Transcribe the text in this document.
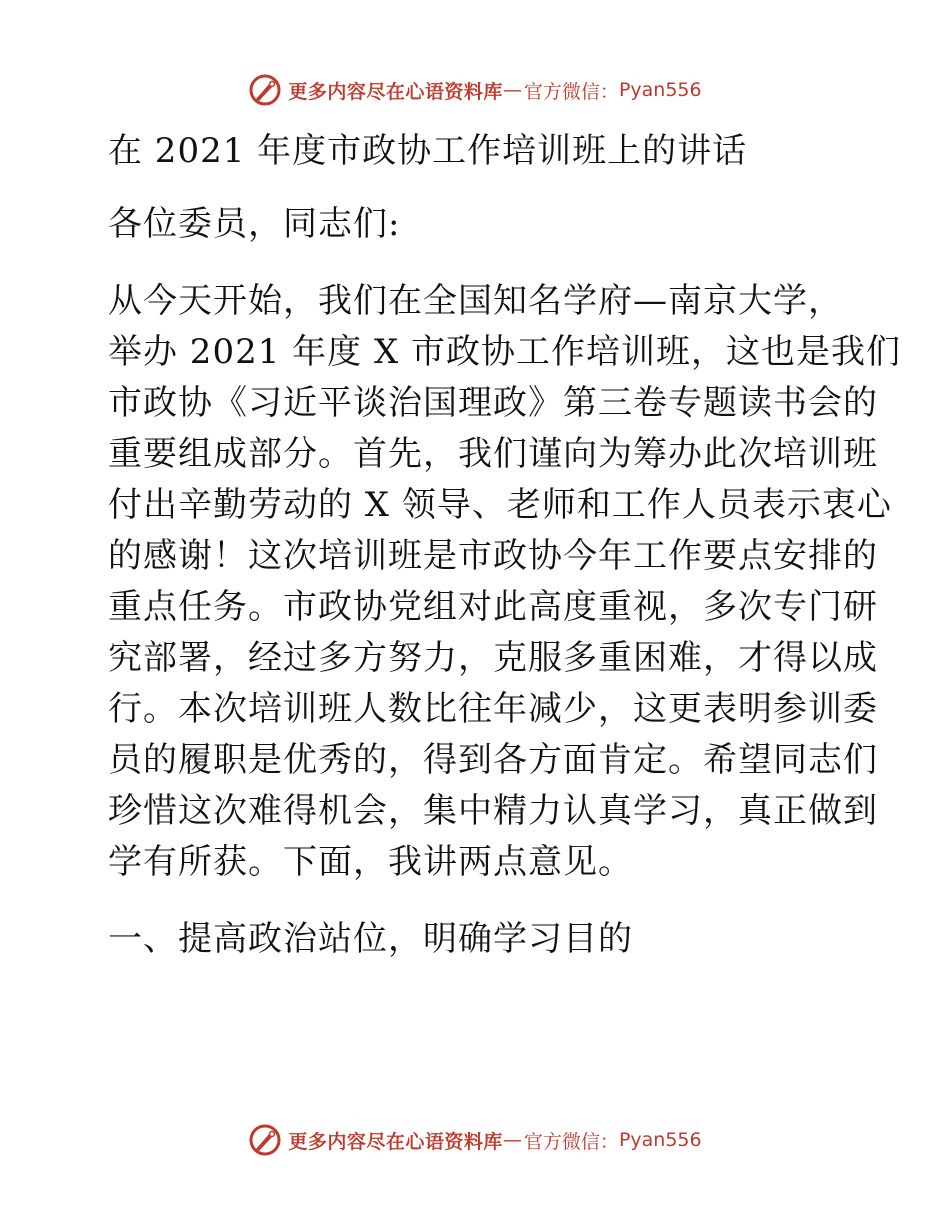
更多内容尽在心语资料库 — 官方微信： Pyan556
在 2021 年度市政协工作培训班上的讲话
各位委员，同志们:
从今天开始，我们在全国知名学府—南京大学，
举办 2021 年度 X 市政协工作培训班，这也是我们
市政协《习近平谈治国理政》第三卷专题读书会的
重要组成部分。首先，我们谨向为筹办此次培训班
付出辛勤劳动的 X 领导、老师和工作人员表示衷心
的感谢！这次培训班是市政协今年工作要点安排的
重点任务。市政协党组对此高度重视，多次专门研
究部署，经过多方努力，克服多重困难，才得以成
行。本次培训班人数比往年减少，这更表明参训委
员的履职是优秀的，得到各方面肯定。希望同志们
珍惜这次难得机会，集中精力认真学习，真正做到
学有所获。下面，我讲两点意见。
一、提高政治站位，明确学习目的
更多内容尽在心语资料库 — 官方微信： Pyan556
